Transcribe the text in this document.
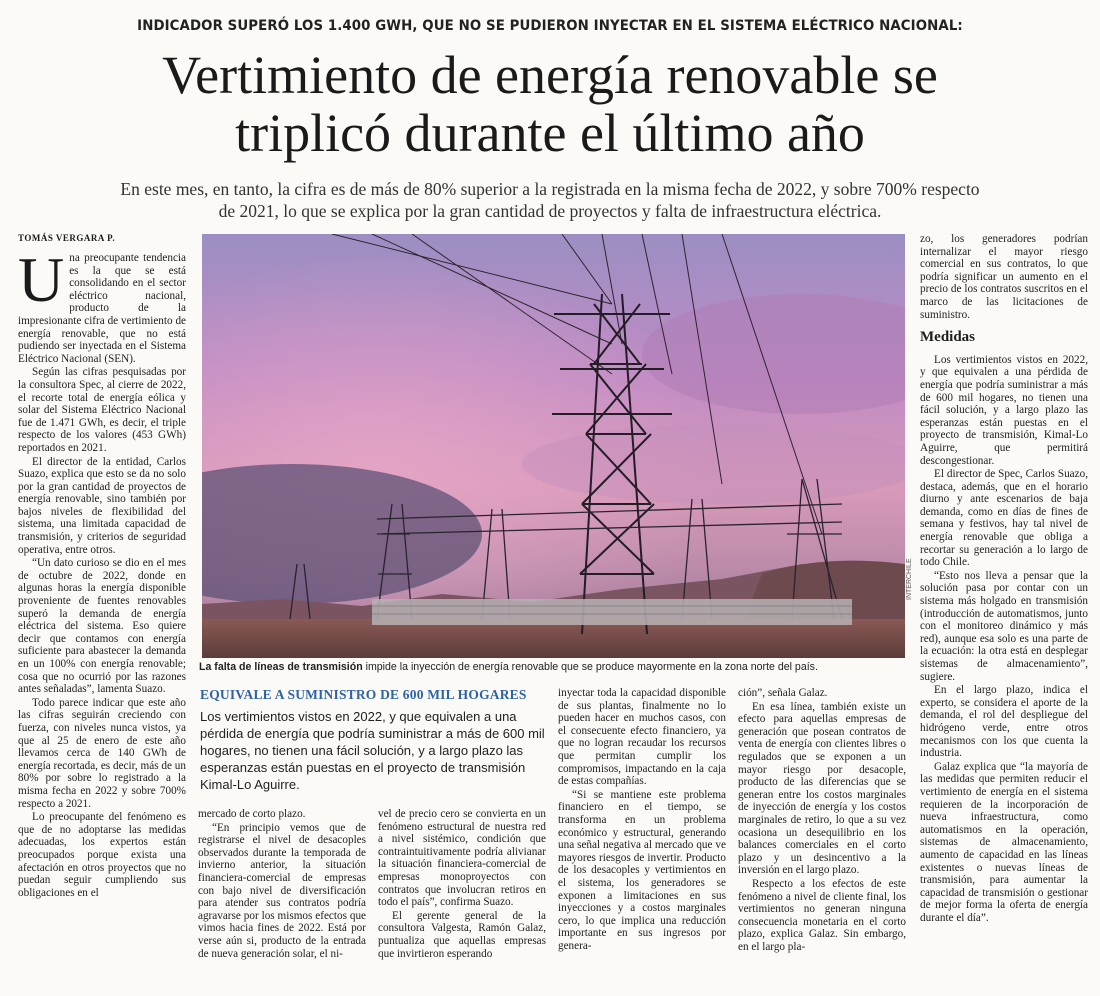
INDICADOR SUPERÓ LOS 1.400 GWH, QUE NO SE PUDIERON INYECTAR EN EL SISTEMA ELÉCTRICO NACIONAL:
Vertimiento de energía renovable se
triplicó durante el último año
En este mes, en tanto, la cifra es de más de 80% superior a la registrada en la misma fecha de 2022, y sobre 700% respecto de 2021, lo que se explica por la gran cantidad de proyectos y falta de infraestructura eléctrica.
TOMÁS VERGARA P.

Una preocupante tendencia es la que se está consolidando en el sector eléctrico nacional, producto de la impresionante cifra de vertimiento de energía renovable, que no está pudiendo ser inyectada en el Sistema Eléctrico Nacional (SEN).

Según las cifras pesquisadas por la consultora Spec, al cierre de 2022, el recorte total de energía eólica y solar del Sistema Eléctrico Nacional fue de 1.471 GWh, es decir, el triple respecto de los valores (453 GWh) reportados en 2021.

El director de la entidad, Carlos Suazo, explica que esto se da no solo por la gran cantidad de proyectos de energía renovable, sino también por bajos niveles de flexibilidad del sistema, una limitada capacidad de transmisión, y criterios de seguridad operativa, entre otros.

“Un dato curioso se dio en el mes de octubre de 2022, donde en algunas horas la energía disponible proveniente de fuentes renovables superó la demanda de energía eléctrica del sistema. Eso quiere decir que contamos con energía suficiente para abastecer la demanda en un 100% con energía renovable; cosa que no ocurrió por las razones antes señaladas”, lamenta Suazo.

Todo parece indicar que este año las cifras seguirán creciendo con fuerza, con niveles nunca vistos, ya que al 25 de enero de este año llevamos cerca de 140 GWh de energía recortada, es decir, más de un 80% por sobre lo registrado a la misma fecha en 2022 y sobre 700% respecto a 2021.

Lo preocupante del fenómeno es que de no adoptarse las medidas adecuadas, los expertos están preocupados porque exista una afectación en otros proyectos que no puedan seguir cumpliendo sus obligaciones en el

INTERCHILE
La falta de líneas de transmisión impide la inyección de energía renovable que se produce mayormente en la zona norte del país.
EQUIVALE A SUMINISTRO DE 600 MIL HOGARES
Los vertimientos vistos en 2022, y que equivalen a una pérdida de energía que podría suministrar a más de 600 mil hogares, no tienen una fácil solución, y a largo plazo las esperanzas están puestas en el proyecto de transmisión Kimal-Lo Aguirre.

mercado de corto plazo.

“En principio vemos que de registrarse el nivel de desacoples observados durante la temporada de invierno anterior, la situación financiera-comercial de empresas con bajo nivel de diversificación para atender sus contratos podría agravarse por los mismos efectos que vimos hacia fines de 2022. Está por verse aún si, producto de la entrada de nueva generación solar, el ni-

vel de precio cero se convierta en un fenómeno estructural de nuestra red a nivel sistémico, condición que contraintuitivamente podría alivianar la situación financiera-comercial de empresas monoproyectos con contratos que involucran retiros en todo el país”, confirma Suazo.

El gerente general de la consultora Valgesta, Ramón Galaz, puntualiza que aquellas empresas que invirtieron esperando

inyectar toda la capacidad disponible de sus plantas, finalmente no lo pueden hacer en muchos casos, con el consecuente efecto financiero, ya que no logran recaudar los recursos que permitan cumplir los compromisos, impactando en la caja de estas compañías.

“Si se mantiene este problema financiero en el tiempo, se transforma en un problema económico y estructural, generando una señal negativa al mercado que ve mayores riesgos de invertir. Producto de los desacoples y vertimientos en el sistema, los generadores se exponen a limitaciones en sus inyecciones y a costos marginales cero, lo que implica una reducción importante en sus ingresos por genera-

ción”, señala Galaz.

En esa línea, también existe un efecto para aquellas empresas de generación que posean contratos de venta de energía con clientes libres o regulados que se exponen a un mayor riesgo por desacople, producto de las diferencias que se generan entre los costos marginales de inyección de energía y los costos marginales de retiro, lo que a su vez ocasiona un desequilibrio en los balances comerciales en el corto plazo y un desincentivo a la inversión en el largo plazo.

Respecto a los efectos de este fenómeno a nivel de cliente final, los vertimientos no generan ninguna consecuencia monetaria en el corto plazo, explica Galaz. Sin embargo, en el largo pla-

zo, los generadores podrían internalizar el mayor riesgo comercial en sus contratos, lo que podría significar un aumento en el precio de los contratos suscritos en el marco de las licitaciones de suministro.

Medidas

Los vertimientos vistos en 2022, y que equivalen a una pérdida de energía que podría suministrar a más de 600 mil hogares, no tienen una fácil solución, y a largo plazo las esperanzas están puestas en el proyecto de transmisión, Kimal-Lo Aguirre, que permitirá descongestionar.

El director de Spec, Carlos Suazo, destaca, además, que en el horario diurno y ante escenarios de baja demanda, como en días de fines de semana y festivos, hay tal nivel de energía renovable que obliga a recortar su generación a lo largo de todo Chile.

“Esto nos lleva a pensar que la solución pasa por contar con un sistema más holgado en transmisión (introducción de automatismos, junto con el monitoreo dinámico y más red), aunque esa solo es una parte de la ecuación: la otra está en desplegar sistemas de almacenamiento”, sugiere.

En el largo plazo, indica el experto, se considera el aporte de la demanda, el rol del despliegue del hidrógeno verde, entre otros mecanismos con los que cuenta la industria.

Galaz explica que “la mayoría de las medidas que permiten reducir el vertimiento de energía en el sistema requieren de la incorporación de nueva infraestructura, como automatismos en la operación, sistemas de almacenamiento, aumento de capacidad en las líneas existentes o nuevas líneas de transmisión, para aumentar la capacidad de transmisión o gestionar de mejor forma la oferta de energía durante el día”.
